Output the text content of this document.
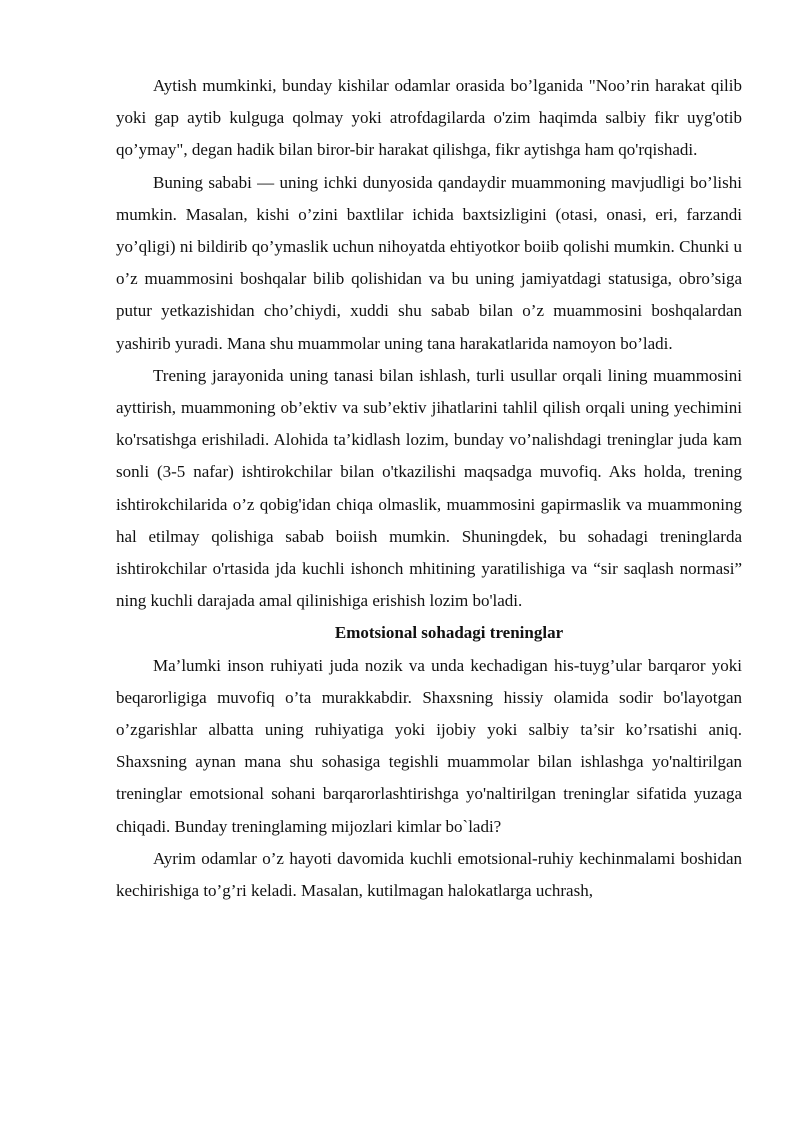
Aytish mumkinki, bunday kishilar odamlar orasida bo’lganida "Noo’rin harakat qilib yoki gap aytib kulguga qolmay yoki atrofdagilarda o'zim haqimda salbiy fikr uyg'otib qo’ymay", degan hadik bilan biror-bir harakat qilishga, fikr aytishga ham qo'rqishadi.

Buning sababi — uning ichki dunyosida qandaydir muammoning mavjudligi bo’lishi mumkin. Masalan, kishi o’zini baxtlilar ichida baxtsizligini (otasi, onasi, eri, farzandi yo’qligi) ni bildirib qo’ymaslik uchun nihoyatda ehtiyotkor boiib qolishi mumkin. Chunki u o’z muammosini boshqalar bilib qolishidan va bu uning jamiyatdagi statusiga, obro’siga putur yetkazishidan cho’chiydi, xuddi shu sabab bilan o’z muammosini boshqalardan yashirib yuradi. Mana shu muammolar uning tana harakatlarida namoyon bo’ladi.

Trening jarayonida uning tanasi bilan ishlash, turli usullar orqali lining muammosini ayttirish, muammoning ob’ektiv va sub’ektiv jihatlarini tahlil qilish orqali uning yechimini ko'rsatishga erishiladi. Alohida ta’kidlash lozim, bunday vo’nalishdagi treninglar juda kam sonli (3-5 nafar) ishtirokchilar bilan o'tkazilishi maqsadga muvofiq. Aks holda, trening ishtirokchilarida o’z qobig'idan chiqa olmaslik, muammosini gapirmaslik va muammoning hal etilmay qolishiga sabab boiish mumkin. Shuningdek, bu sohadagi treninglarda ishtirokchilar o'rtasida jda kuchli ishonch mhitining yaratilishiga va “sir saqlash normasi” ning kuchli darajada amal qilinishiga erishish lozim bo'ladi.

Emotsional sohadagi treninglar

Ma’lumki inson ruhiyati juda nozik va unda kechadigan his-tuyg’ular barqaror yoki beqarorligiga muvofiq o’ta murakkabdir. Shaxsning hissiy olamida sodir bo'layotgan o’zgarishlar albatta uning ruhiyatiga yoki ijobiy yoki salbiy ta’sir ko’rsatishi aniq. Shaxsning aynan mana shu sohasiga tegishli muammolar bilan ishlashga yo'naltirilgan treninglar emotsional sohani barqarorlashtirishga yo'naltirilgan treninglar sifatida yuzaga chiqadi. Bunday treninglaming mijozlari kimlar bo`ladi?

Ayrim odamlar o’z hayoti davomida kuchli emotsional-ruhiy kechinmalami boshidan kechirishiga to’g’ri keladi. Masalan, kutilmagan halokatlarga uchrash,
